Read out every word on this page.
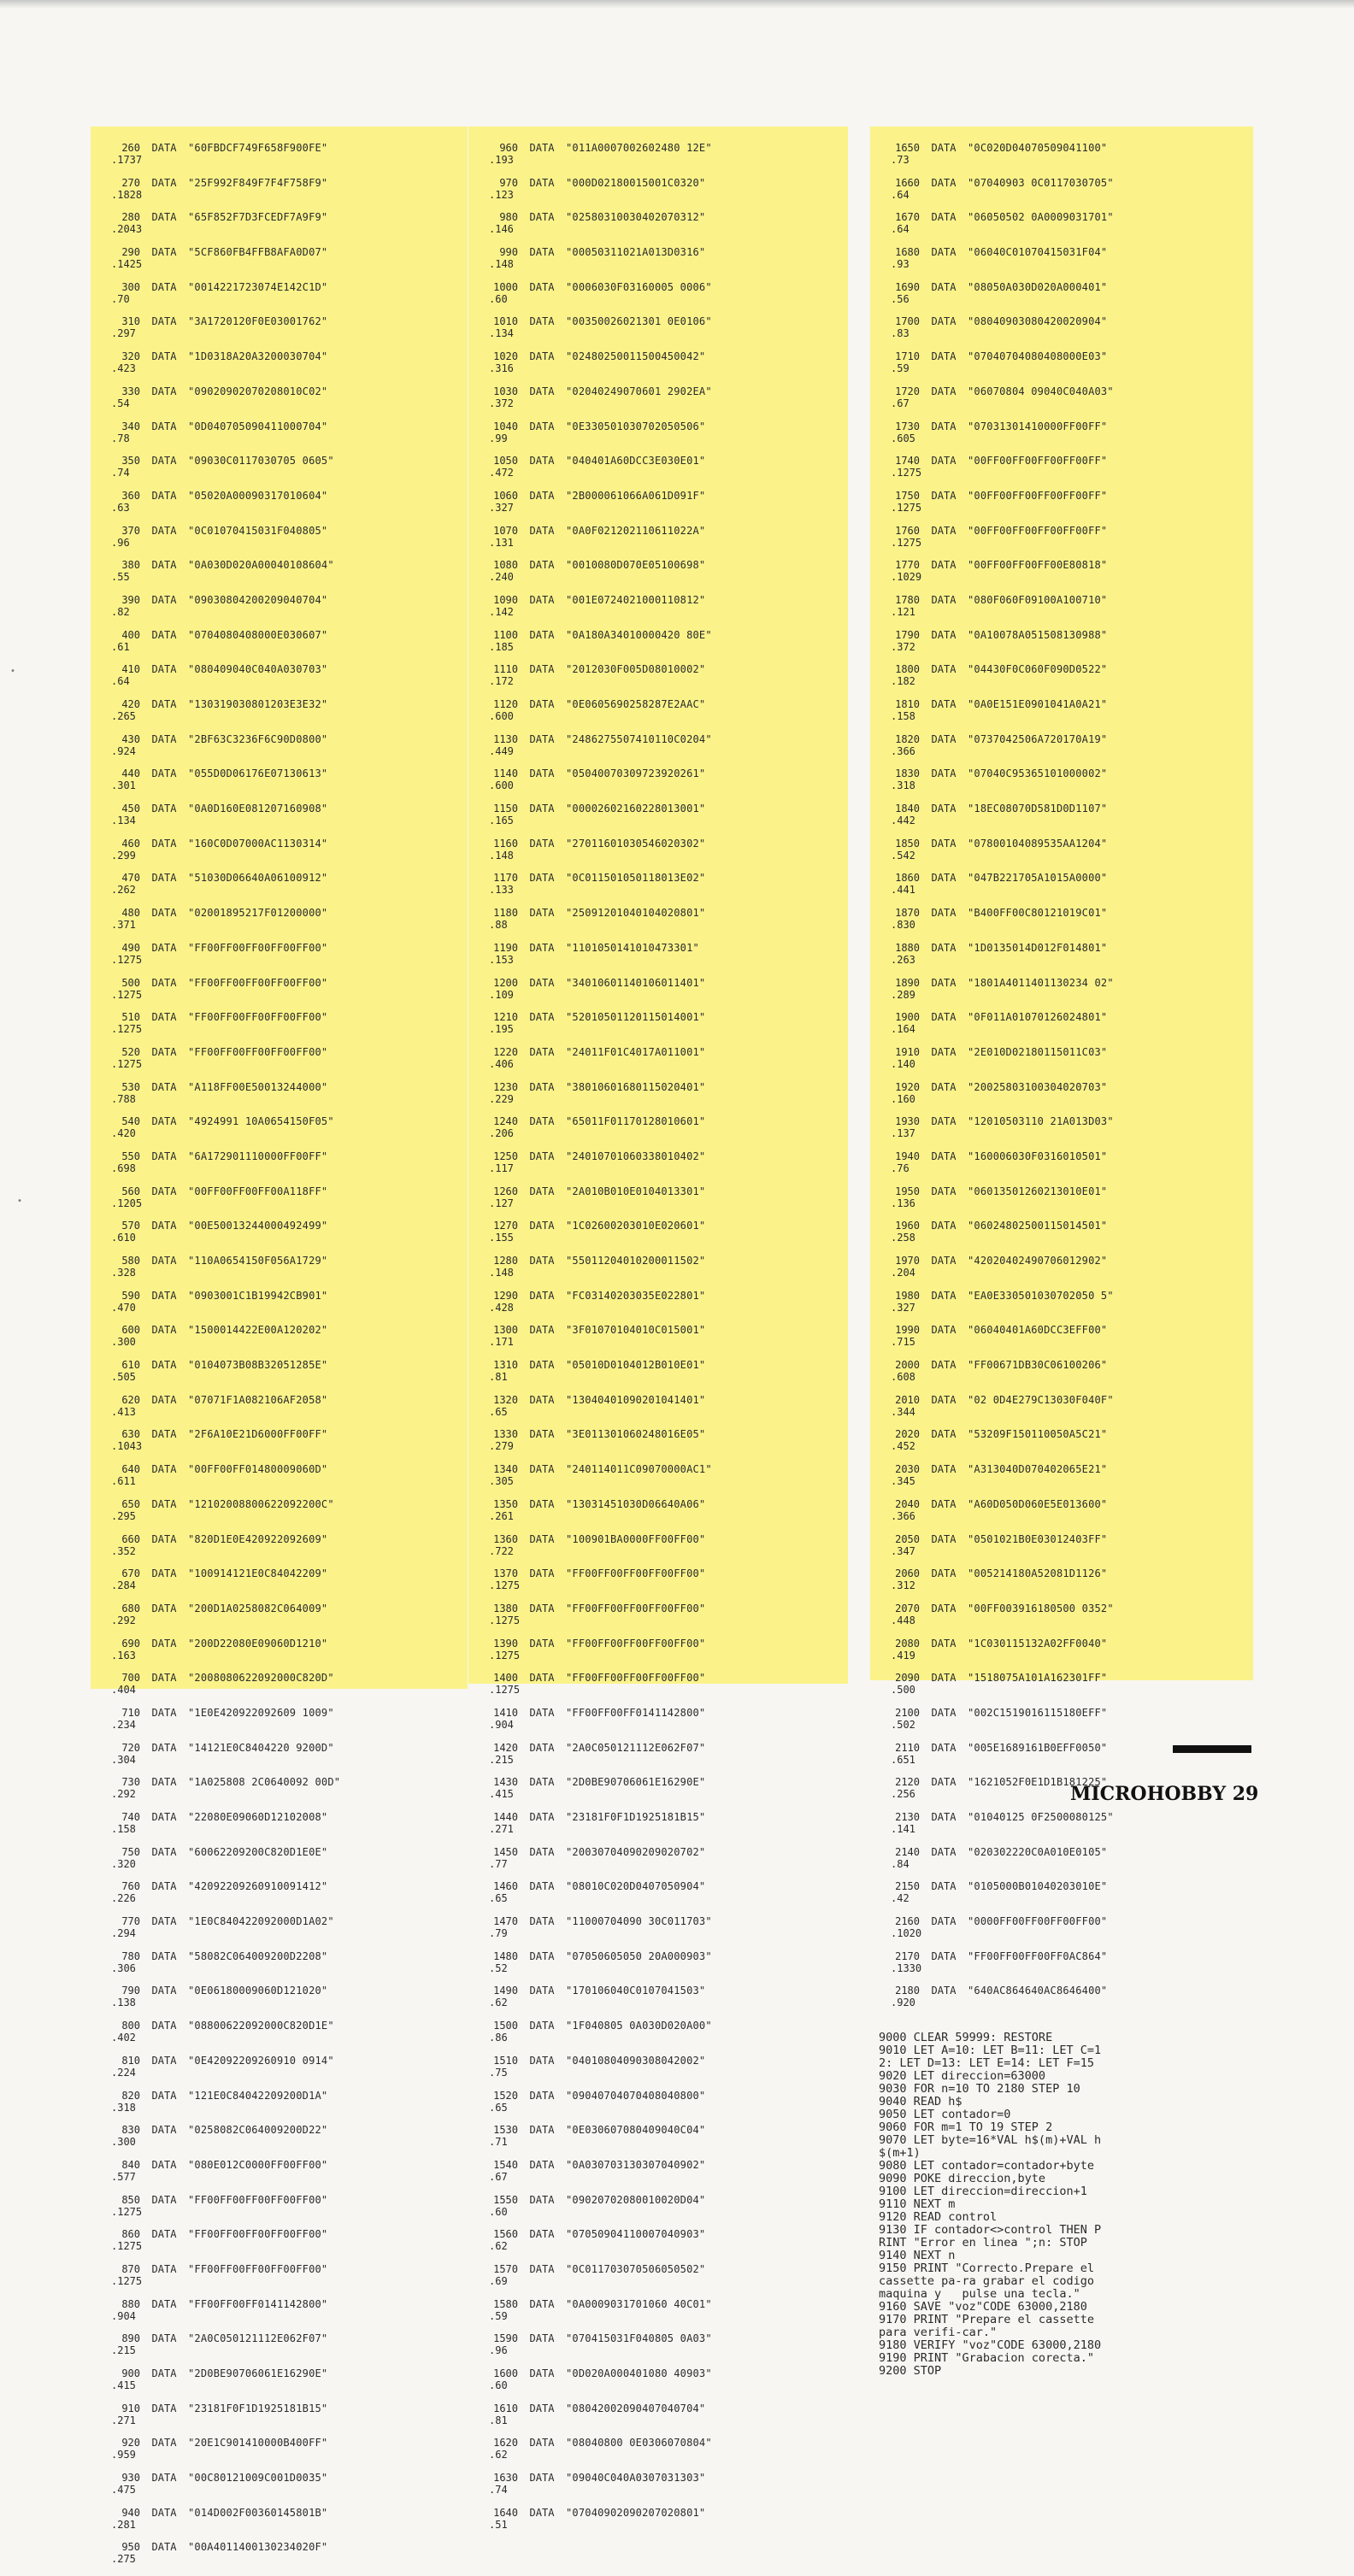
•
•
260	DATA	"60FBDCF749F658F900FE"
.1737
270	DATA	"25F992F849F7F4F758F9"
.1828
280	DATA	"65F852F7D3FCEDF7A9F9"
.2043
290	DATA	"5CF860FB4FFB8AFA0D07"
.1425
300	DATA	"0014221723074E142C1D"
.70
310	DATA	"3A1720120F0E03001762"
.297
320	DATA	"1D0318A20A3200030704"
.423
330	DATA	"09020902070208010C02"
.54
340	DATA	"0D040705090411000704"
.78
350	DATA	"09030C0117030705 0605"
.74
360	DATA	"05020A00090317010604"
.63
370	DATA	"0C01070415031F040805"
.96
380	DATA	"0A030D020A00040108604"
.55
390	DATA	"09030804200209040704"
.82
400	DATA	"0704080408000E030607"
.61
410	DATA	"080409040C040A030703"
.64
420	DATA	"130319030801203E3E32"
.265
430	DATA	"2BF63C3236F6C90D0800"
.924
440	DATA	"055D0D06176E07130613"
.301
450	DATA	"0A0D160E081207160908"
.134
460	DATA	"160C0D07000AC1130314"
.299
470	DATA	"51030D06640A06100912"
.262
480	DATA	"02001895217F01200000"
.371
490	DATA	"FF00FF00FF00FF00FF00"
.1275
500	DATA	"FF00FF00FF00FF00FF00"
.1275
510	DATA	"FF00FF00FF00FF00FF00"
.1275
520	DATA	"FF00FF00FF00FF00FF00"
.1275
530	DATA	"A118FF00E50013244000"
.788
540	DATA	"4924991 10A0654150F05"
.420
550	DATA	"6A172901110000FF00FF"
.698
560	DATA	"00FF00FF00FF00A118FF"
.1205
570	DATA	"00E50013244000492499"
.610
580	DATA	"110A0654150F056A1729"
.328
590	DATA	"0903001C1B19942CB901"
.470
600	DATA	"1500014422E00A120202"
.300
610	DATA	"0104073B08B32051285E"
.505
620	DATA	"07071F1A082106AF2058"
.413
630	DATA	"2F6A10E21D6000FF00FF"
.1043
640	DATA	"00FF00FF01480009060D"
.611
650	DATA	"12102008800622092200C"
.295
660	DATA	"820D1E0E420922092609"
.352
670	DATA	"100914121E0C84042209"
.284
680	DATA	"200D1A0258082C064009"
.292
690	DATA	"200D22080E09060D1210"
.163
700	DATA	"2008080622092000C820D"
.404
710	DATA	"1E0E420922092609 1009"
.234
720	DATA	"14121E0C8404220 9200D"
.304
730	DATA	"1A025808 2C0640092 00D"
.292
740	DATA	"22080E09060D12102008"
.158
750	DATA	"60062209200C820D1E0E"
.320
760	DATA	"42092209260910091412"
.226
770	DATA	"1E0C840422092000D1A02"
.294
780	DATA	"58082C064009200D2208"
.306
790	DATA	"0E06180009060D121020"
.138
800	DATA	"08800622092000C820D1E"
.402
810	DATA	"0E42092209260910 0914"
.224
820	DATA	"121E0C84042209200D1A"
.318
830	DATA	"0258082C064009200D22"
.300
840	DATA	"080E012C0000FF00FF00"
.577
850	DATA	"FF00FF00FF00FF00FF00"
.1275
860	DATA	"FF00FF00FF00FF00FF00"
.1275
870	DATA	"FF00FF00FF00FF00FF00"
.1275
880	DATA	"FF00FF00FF0141142800"
.904
890	DATA	"2A0C050121112E062F07"
.215
900	DATA	"2D0BE90706061E16290E"
.415
910	DATA	"23181F0F1D1925181B15"
.271
920	DATA	"20E1C901410000B400FF"
.959
930	DATA	"00C80121009C001D0035"
.475
940	DATA	"014D002F00360145801B"
.281
950	DATA	"00A4011400130234020F"
.275
960	DATA	"011A0007002602480 12E"
.193
970	DATA	"000D02180015001C0320"
.123
980	DATA	"02580310030402070312"
.146
990	DATA	"00050311021A013D0316"
.148
1000	DATA	"0006030F03160005 0006"
.60
1010	DATA	"00350026021301 0E0106"
.134
1020	DATA	"02480250011500450042"
.316
1030	DATA	"02040249070601 2902EA"
.372
1040	DATA	"0E330501030702050506"
.99
1050	DATA	"040401A60DCC3E030E01"
.472
1060	DATA	"2B000061066A061D091F"
.327
1070	DATA	"0A0F021202110611022A"
.131
1080	DATA	"0010080D070E05100698"
.240
1090	DATA	"001E0724021000110812"
.142
1100	DATA	"0A180A34010000420 80E"
.185
1110	DATA	"2012030F005D08010002"
.172
1120	DATA	"0E0605690258287E2AAC"
.600
1130	DATA	"2486275507410110C0204"
.449
1140	DATA	"05040070309723920261"
.600
1150	DATA	"00002602160228013001"
.165
1160	DATA	"27011601030546020302"
.148
1170	DATA	"0C011501050118013E02"
.133
1180	DATA	"25091201040104020801"
.88
1190	DATA	"1101050141010473301"
.153
1200	DATA	"34010601140106011401"
.109
1210	DATA	"52010501120115014001"
.195
1220	DATA	"24011F01C4017A011001"
.406
1230	DATA	"38010601680115020401"
.229
1240	DATA	"65011F01170128010601"
.206
1250	DATA	"24010701060338010402"
.117
1260	DATA	"2A010B010E0104013301"
.127
1270	DATA	"1C02600203010E020601"
.155
1280	DATA	"55011204010200011502"
.148
1290	DATA	"FC03140203035E022801"
.428
1300	DATA	"3F01070104010C015001"
.171
1310	DATA	"05010D0104012B010E01"
.81
1320	DATA	"13040401090201041401"
.65
1330	DATA	"3E011301060248016E05"
.279
1340	DATA	"240114011C09070000AC1"
.305
1350	DATA	"13031451030D06640A06"
.261
1360	DATA	"100901BA0000FF00FF00"
.722
1370	DATA	"FF00FF00FF00FF00FF00"
.1275
1380	DATA	"FF00FF00FF00FF00FF00"
.1275
1390	DATA	"FF00FF00FF00FF00FF00"
.1275
1400	DATA	"FF00FF00FF00FF00FF00"
.1275
1410	DATA	"FF00FF00FF0141142800"
.904
1420	DATA	"2A0C050121112E062F07"
.215
1430	DATA	"2D0BE90706061E16290E"
.415
1440	DATA	"23181F0F1D1925181B15"
.271
1450	DATA	"20030704090209020702"
.77
1460	DATA	"08010C020D0407050904"
.65
1470	DATA	"11000704090 30C011703"
.79
1480	DATA	"07050605050 20A000903"
.52
1490	DATA	"170106040C0107041503"
.62
1500	DATA	"1F040805 0A030D020A00"
.86
1510	DATA	"04010804090308042002"
.75
1520	DATA	"09040704070408040800"
.65
1530	DATA	"0E030607080409040C04"
.71
1540	DATA	"0A030703130307040902"
.67
1550	DATA	"09020702080010020D04"
.60
1560	DATA	"07050904110007040903"
.62
1570	DATA	"0C011703070506050502"
.69
1580	DATA	"0A0009031701060 40C01"
.59
1590	DATA	"070415031F040805 0A03"
.96
1600	DATA	"0D020A000401080 40903"
.60
1610	DATA	"08042002090407040704"
.81
1620	DATA	"08040800 0E0306070804"
.62
1630	DATA	"09040C040A0307031303"
.74
1640	DATA	"07040902090207020801"
.51
1650	DATA	"0C020D04070509041100"
.73
1660	DATA	"07040903 0C0117030705"
.64
1670	DATA	"06050502 0A0009031701"
.64
1680	DATA	"06040C01070415031F04"
.93
1690	DATA	"08050A030D020A000401"
.56
1700	DATA	"08040903080420020904"
.83
1710	DATA	"07040704080408000E03"
.59
1720	DATA	"06070804 09040C040A03"
.67
1730	DATA	"07031301410000FF00FF"
.605
1740	DATA	"00FF00FF00FF00FF00FF"
.1275
1750	DATA	"00FF00FF00FF00FF00FF"
.1275
1760	DATA	"00FF00FF00FF00FF00FF"
.1275
1770	DATA	"00FF00FF00FF00E80818"
.1029
1780	DATA	"080F060F09100A100710"
.121
1790	DATA	"0A10078A051508130988"
.372
1800	DATA	"04430F0C060F090D0522"
.182
1810	DATA	"0A0E151E0901041A0A21"
.158
1820	DATA	"0737042506A720170A19"
.366
1830	DATA	"07040C95365101000002"
.318
1840	DATA	"18EC08070D581D0D1107"
.442
1850	DATA	"07800104089535AA1204"
.542
1860	DATA	"047B221705A1015A0000"
.441
1870	DATA	"B400FF00C80121019C01"
.830
1880	DATA	"1D0135014D012F014801"
.263
1890	DATA	"1801A4011401130234 02"
.289
1900	DATA	"0F011A01070126024801"
.164
1910	DATA	"2E010D02180115011C03"
.140
1920	DATA	"20025803100304020703"
.160
1930	DATA	"12010503110 21A013D03"
.137
1940	DATA	"160006030F0316010501"
.76
1950	DATA	"06013501260213010E01"
.136
1960	DATA	"06024802500115014501"
.258
1970	DATA	"42020402490706012902"
.204
1980	DATA	"EA0E330501030702050 5"
.327
1990	DATA	"06040401A60DCC3EFF00"
.715
2000	DATA	"FF00671DB30C06100206"
.608
2010	DATA	"02 0D4E279C13030F040F"
.344
2020	DATA	"53209F150110050A5C21"
.452
2030	DATA	"A313040D070402065E21"
.345
2040	DATA	"A60D050D060E5E013600"
.366
2050	DATA	"0501021B0E03012403FF"
.347
2060	DATA	"005214180A52081D1126"
.312
2070	DATA	"00FF003916180500 0352"
.448
2080	DATA	"1C030115132A02FF0040"
.419
2090	DATA	"1518075A101A162301FF"
.500
2100	DATA	"002C1519016115180EFF"
.502
2110	DATA	"005E1689161B0EFF0050"
.651
2120	DATA	"1621052F0E1D1B181225"
.256
2130	DATA	"01040125 0F2500080125"
.141
2140	DATA	"020302220C0A010E0105"
.84
2150	DATA	"0105000B01040203010E"
.42
2160	DATA	"0000FF00FF00FF00FF00"
.1020
2170	DATA	"FF00FF00FF00FF0AC864"
.1330
2180	DATA	"640AC864640AC8646400"
.920
9000 CLEAR 59999: RESTORE
9010 LET A=10: LET B=11: LET C=1
2: LET D=13: LET E=14: LET F=15
9020 LET direccion=63000
9030 FOR n=10 TO 2180 STEP 10
9040 READ h$
9050 LET contador=0
9060 FOR m=1 TO 19 STEP 2
9070 LET byte=16*VAL h$(m)+VAL h
$(m+1)
9080 LET contador=contador+byte
9090 POKE direccion,byte
9100 LET direccion=direccion+1
9110 NEXT m
9120 READ control
9130 IF contador<>control THEN P
RINT "Error en linea ";n: STOP
9140 NEXT n
9150 PRINT "Correcto.Prepare el
cassette pa-ra grabar el codigo
maquina y   pulse una tecla."
9160 SAVE "voz"CODE 63000,2180
9170 PRINT "Prepare el cassette
para verifi-car."
9180 VERIFY "voz"CODE 63000,2180
9190 PRINT "Grabacion corecta."
9200 STOP
MICROHOBBY 29
